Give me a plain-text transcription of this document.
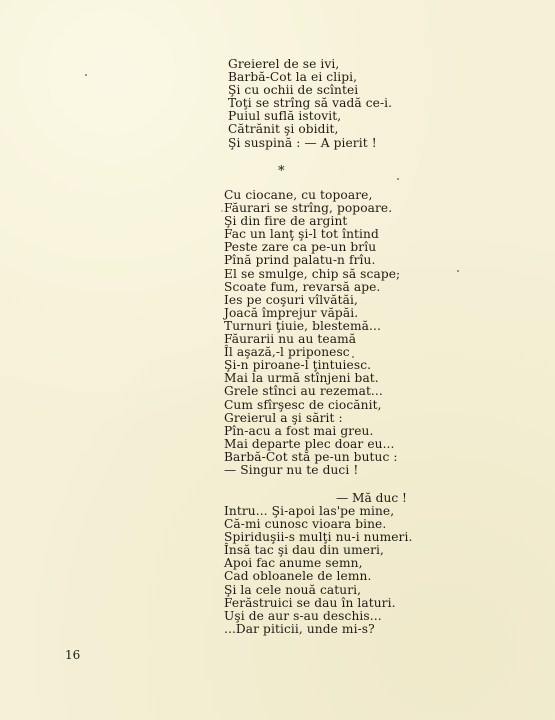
Greierel de se ivi,
Barbă-Cot la ei clipi,
Şi cu ochii de scîntei
Toţi se strîng să vadă ce-i.
Puiul suflă istovit,
Cătrănit şi obidit,
Şi suspină : — A pierit !
*
Cu ciocane, cu topoare,
Făurari se strîng, popoare.
Şi din fire de argint
Fac un lanţ şi-l tot întind
Peste zare ca pe-un brîu
Pînă prind palatu-n frîu.
El se smulge, chip să scape;
Scoate fum, revarsă ape.
Ies pe coşuri vîlvătăi,
Joacă împrejur văpăi.
Turnuri ţiuie, blestemă...
Făurarii nu au teamă
Îl aşază,-l priponesc
Şi-n piroane-l ţintuiesc.
Mai la urmă stînjeni bat.
Grele stînci au rezemat...
Cum sfîrşesc de ciocănit,
Greierul a şi sărit :
Pîn-acu a fost mai greu.
Mai departe plec doar eu...
Barbă-Cot stă pe-un butuc :
— Singur nu te duci !
— Mă duc !
Intru... Şi-apoi las'pe mine,
Că-mi cunosc vioara bine.
Spiriduşii-s mulţi nu-i numeri.
Însă tac şi dau din umeri,
Apoi fac anume semn,
Cad obloanele de lemn.
Şi la cele nouă caturi,
Ferăstruici se dau în laturi.
Uşi de aur s-au deschis...
...Dar piticii, unde mi-s?
16
